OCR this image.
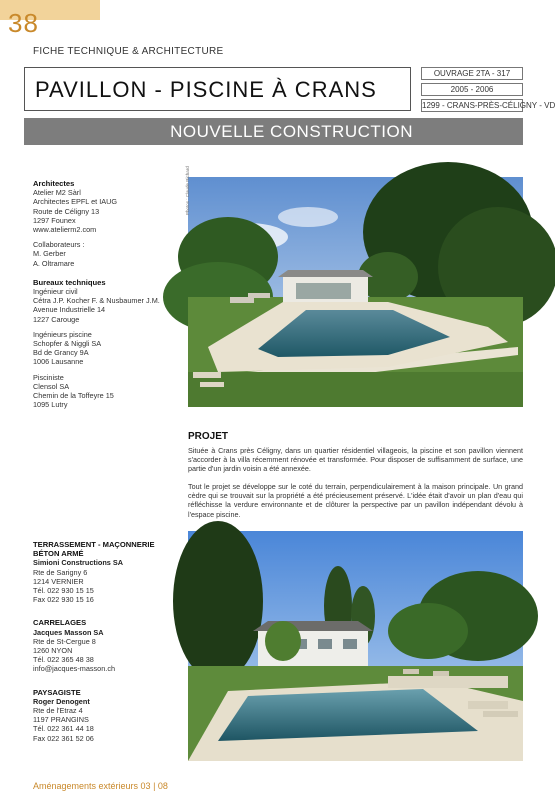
38
FICHE TECHNIQUE & ARCHITECTURE
PAVILLON - PISCINE À CRANS
OUVRAGE 2TA - 317
2005 - 2006
1299 - CRANS-PRÈS-CÉLIGNY - VD
NOUVELLE CONSTRUCTION
Architectes
Atelier M2 Sàrl
Architectes EPFL et IAUG
Route de Céligny 13
1297 Founex
www.atelierm2.com
Collaborateurs :
M. Gerber
A. Oltramare
Bureaux techniques
Ingénieur civil
Cétra J.P. Kocher F. & Nusbaumer J.M.
Avenue Industrielle 14
1227 Carouge
Ingénieurs piscine
Schopfer & Niggli SA
Bd de Grancy 9A
1006 Lausanne
Pisciniste
Clensol SA
Chemin de la Toffeyre 15
1095 Lutry
Photos : Claude Richard
PROJET
Située à Crans près Céligny, dans un quartier résidentiel villageois, la piscine et son pavillon viennent s'accorder à la villa récemment rénovée et transformée. Pour disposer de suffisamment de surface, une partie d'un jardin voisin a été annexée.
Tout le projet se développe sur le coté du terrain, perpendiculairement à la maison principale. Un grand cèdre qui se trouvait sur la propriété a été précieusement préservé. L'idée était d'avoir un plan d'eau qui réfléchisse la verdure environnante et de clôturer la perspective par un pavillon indépendant dévolu à l'espace piscine.
TERRASSEMENT - MAÇONNERIE
BÉTON ARMÉ
Simioni Constructions SA
Rte de Sarigny 6
1214 VERNIER
Tél. 022 930 15 15
Fax 022 930 15 16
CARRELAGES
Jacques Masson SA
Rte de St-Cergue 8
1260 NYON
Tél. 022 365 48 38
info@jacques-masson.ch
PAYSAGISTE
Roger Denogent
Rte de l'Etraz 4
1197 PRANGINS
Tél. 022 361 44 18
Fax 022 361 52 06
Aménagements extérieurs 03 | 08
